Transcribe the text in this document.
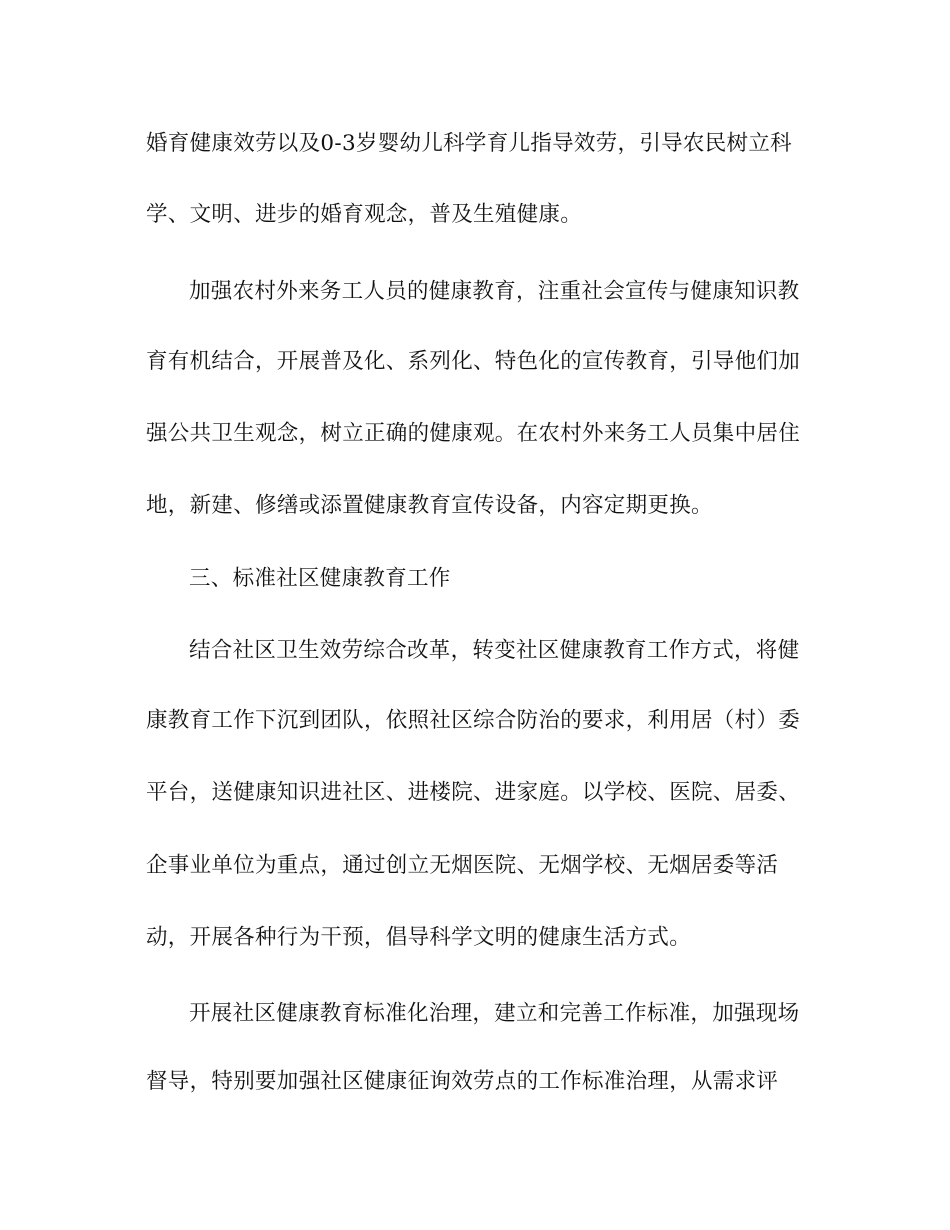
婚育健康效劳以及0-3岁婴幼儿科学育儿指导效劳，引导农民树立科
学、文明、进步的婚育观念，普及生殖健康。
加强农村外来务工人员的健康教育，注重社会宣传与健康知识教
育有机结合，开展普及化、系列化、特色化的宣传教育，引导他们加
强公共卫生观念，树立正确的健康观。在农村外来务工人员集中居住
地，新建、修缮或添置健康教育宣传设备，内容定期更换。
三、标准社区健康教育工作
结合社区卫生效劳综合改革，转变社区健康教育工作方式，将健
康教育工作下沉到团队，依照社区综合防治的要求，利用居（村）委
平台，送健康知识进社区、进楼院、进家庭。以学校、医院、居委、
企事业单位为重点，通过创立无烟医院、无烟学校、无烟居委等活
动，开展各种行为干预，倡导科学文明的健康生活方式。
开展社区健康教育标准化治理，建立和完善工作标准，加强现场
督导，特别要加强社区健康征询效劳点的工作标准治理，从需求评
